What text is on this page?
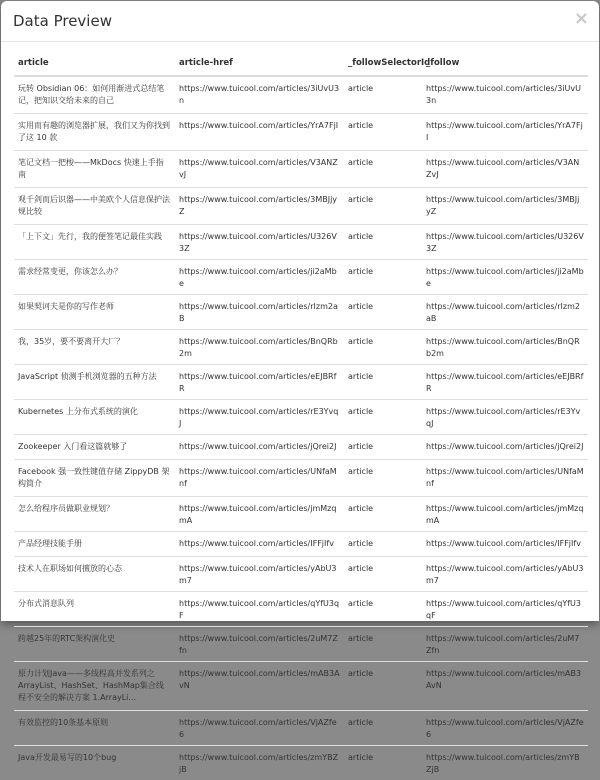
Data Preview	×
article	article-href	_followSelectorId	_follow
玩转 Obsidian 06：如何用渐进式总结笔记，把知识交给未来的自己	https://www.tuicool.com/articles/3iUvU3n	article	https://www.tuicool.com/articles/3iUvU3n
实用而有趣的浏览器扩展，我们又为你找到了这 10 款	https://www.tuicool.com/articles/YrA7FjI	article	https://www.tuicool.com/articles/YrA7FjI
笔记文档一把梭——MkDocs 快速上手指南	https://www.tuicool.com/articles/V3ANZvJ	article	https://www.tuicool.com/articles/V3ANZvJ
观千剑而后识器——中美欧个人信息保护法规比较	https://www.tuicool.com/articles/3MBJjyZ	article	https://www.tuicool.com/articles/3MBJjyZ
「上下文」先行，我的便签笔记最佳实践	https://www.tuicool.com/articles/U326V3Z	article	https://www.tuicool.com/articles/U326V3Z
需求经常变更，你该怎么办？	https://www.tuicool.com/articles/ji2aMbe	article	https://www.tuicool.com/articles/ji2aMbe
如果契诃夫是你的写作老师	https://www.tuicool.com/articles/rIzm2aB	article	https://www.tuicool.com/articles/rIzm2aB
我，35岁，要不要离开大厂？	https://www.tuicool.com/articles/BnQRb2m	article	https://www.tuicool.com/articles/BnQRb2m
JavaScript 侦测手机浏览器的五种方法	https://www.tuicool.com/articles/eEJBRfR	article	https://www.tuicool.com/articles/eEJBRfR
Kubernetes 上分布式系统的演化	https://www.tuicool.com/articles/rE3YvqJ	article	https://www.tuicool.com/articles/rE3YvqJ
Zookeeper 入门看这篇就够了	https://www.tuicool.com/articles/jQrei2J	article	https://www.tuicool.com/articles/jQrei2J
Facebook 强一致性键值存储 ZippyDB 架构简介	https://www.tuicool.com/articles/UNfaMnf	article	https://www.tuicool.com/articles/UNfaMnf
怎么给程序员做职业规划？	https://www.tuicool.com/articles/jmMzqmA	article	https://www.tuicool.com/articles/jmMzqmA
产品经理技能手册	https://www.tuicool.com/articles/IFFjIfv	article	https://www.tuicool.com/articles/IFFjIfv
技术人在职场如何擅放的心态	https://www.tuicool.com/articles/yAbU3m7	article	https://www.tuicool.com/articles/yAbU3m7
分布式消息队列	https://www.tuicool.com/articles/qYfU3qF	article	https://www.tuicool.com/articles/qYfU3qF
跨越25年的RTC架构演化史	https://www.tuicool.com/articles/2uM7Zfn	article	https://www.tuicool.com/articles/2uM7Zfn
原力计划Java——多线程高并发系列之ArrayList、HashSet、HashMap集合线程不安全的解决方案 1.ArrayLi...	https://www.tuicool.com/articles/mAB3AvN	article	https://www.tuicool.com/articles/mAB3AvN
有效监控的10条基本原则	https://www.tuicool.com/articles/VjAZfe6	article	https://www.tuicool.com/articles/VjAZfe6
Java开发最易写的10个bug	https://www.tuicool.com/articles/zmYBZjB	article	https://www.tuicool.com/articles/zmYBZjB
